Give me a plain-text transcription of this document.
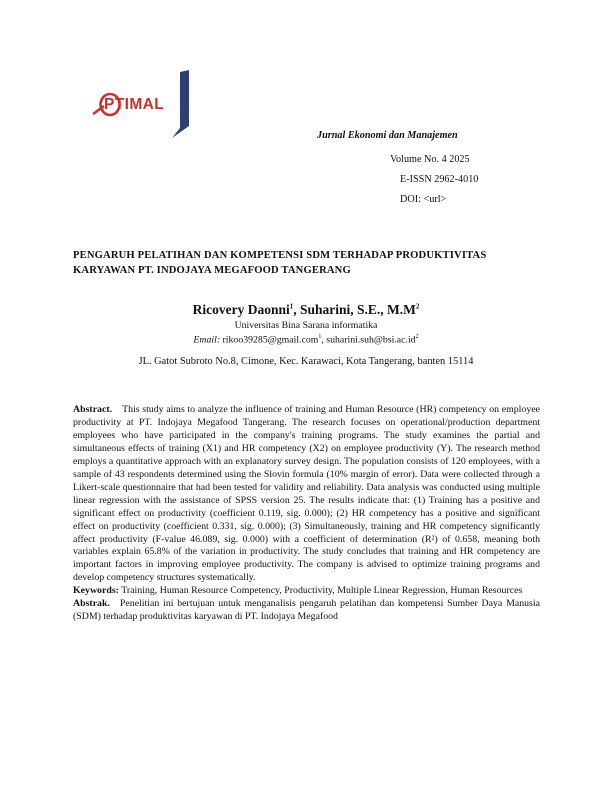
PTIMAL
Jurnal Ekonomi dan Manajemen
Volume No. 4 2025
E-ISSN 2962-4010
DOI: <url>
PENGARUH PELATIHAN DAN KOMPETENSI SDM TERHADAP PRODUKTIVITAS
KARYAWAN PT. INDOJAYA MEGAFOOD TANGERANG
Ricovery Daonni$^1$, Suharini, S.E., $M.M^2$
Universitas Bina Sarana informatika
Email: rikoo39285@gmail.com$^1$, $suharini.suh@bsi.ac.id^2$
JL. Gatot Subroto No.8, Cimone, Kec. Karawaci, Kota Tangerang, banten 15114

Abstract. This study aims to analyze the influence of training and Human Resource (HR) competency on employee productivity at PT. Indojaya Megafood Tangerang. The research focuses on operational/production department employees who have participated in the company's training programs. The study examines the partial and simultaneous effects of training (X1) and HR competency (X2) on employee productivity (Y). The research method employs a quantitative approach with an explanatory survey design. The population consists of 120 employees, with a sample of 43 respondents determined using the Slovin formula (10% margin of error). Data were collected through a Likert-scale questionnaire that had been tested for validity and reliability. Data analysis was conducted using multiple linear regression with the assistance of SPSS version 25. The results indicate that: (1) Training has a positive and significant effect on productivity (coefficient 0.119, sig. 0.000); (2) HR competency has a positive and significant effect on productivity (coefficient 0.331, sig. 0.000); (3) Simultaneously, training and HR competency significantly affect productivity (F-value 46.089, sig. 0.000) with a coefficient of determination (R²) of 0.658, meaning both variables explain 65.8% of the variation in productivity. The study concludes that training and HR competency are important factors in improving employee productivity. The company is advised to optimize training programs and develop competency structures systematically.

Keywords: Training, Human Resource Competency, Productivity, Multiple Linear Regression, Human Resources

Abstrak. Penelitian ini bertujuan untuk menganalisis pengaruh pelatihan dan kompetensi Sumber Daya Manusia (SDM) terhadap produktivitas karyawan di PT. Indojaya Megafood
